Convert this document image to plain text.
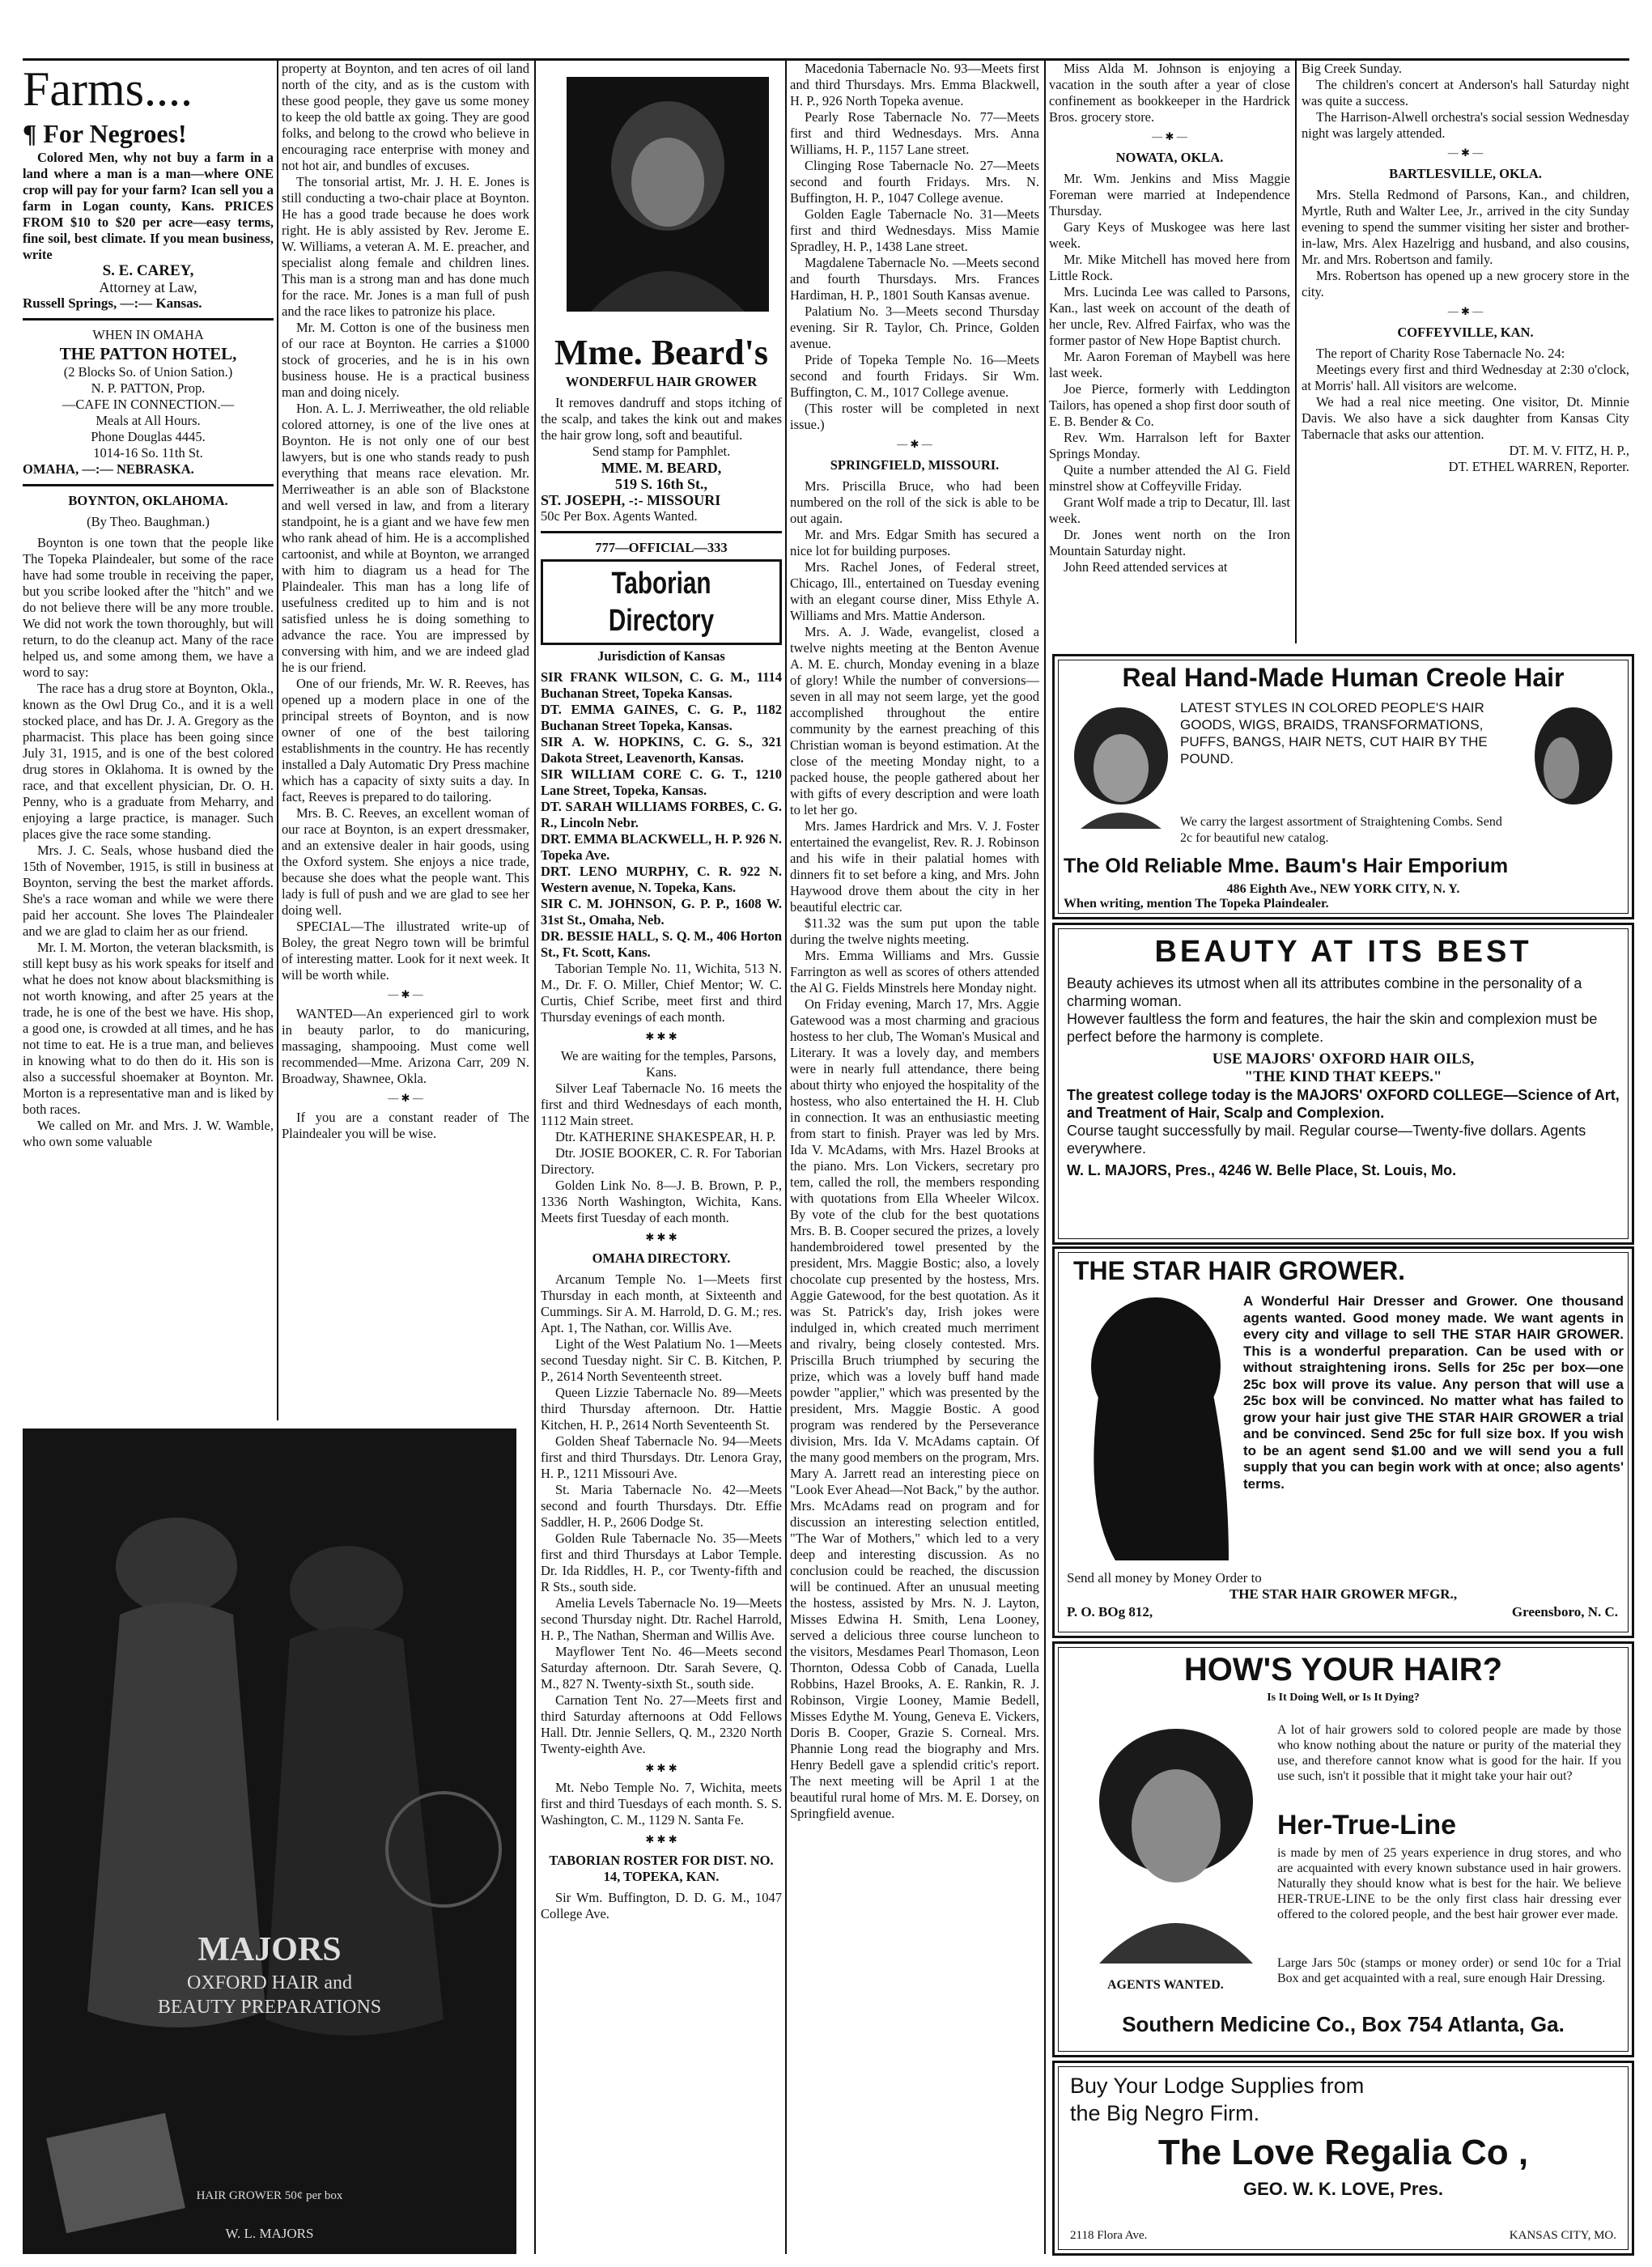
Farms....
¶ For Negroes!

Colored Men, why not buy a farm in a land where a man is a man—where ONE crop will pay for your farm? Ican sell you a farm in Logan county, Kans. PRICES FROM $10 to $20 per acre—easy terms, fine soil, best climate. If you mean business, write

S. E. CAREY,
Attorney at Law,
Russell Springs, —:— Kansas.
WHEN IN OMAHA
THE PATTON HOTEL,
(2 Blocks So. of Union Sation.)
N. P. PATTON, Prop.
—CAFE IN CONNECTION.—
Meals at All Hours.
Phone Douglas 4445.
1014-16 So. 11th St.
OMAHA, —:— NEBRASKA.

BOYNTON, OKLAHOMA.

(By Theo. Baughman.)

Boynton is one town that the people like The Topeka Plaindealer, but some of the race have had some trouble in receiving the paper, but you scribe looked after the "hitch" and we do not believe there will be any more trouble. We did not work the town thoroughly, but will return, to do the cleanup act. Many of the race helped us, and some among them, we have a word to say:

The race has a drug store at Boynton, Okla., known as the Owl Drug Co., and it is a well stocked place, and has Dr. J. A. Gregory as the pharmacist. This place has been going since July 31, 1915, and is one of the best colored drug stores in Oklahoma. It is owned by the race, and that excellent physician, Dr. O. H. Penny, who is a graduate from Meharry, and enjoying a large practice, is manager. Such places give the race some standing.

Mrs. J. C. Seals, whose husband died the 15th of November, 1915, is still in business at Boynton, serving the best the market affords. She's a race woman and while we were there paid her account. She loves The Plaindealer and we are glad to claim her as our friend.

Mr. I. M. Morton, the veteran blacksmith, is still kept busy as his work speaks for itself and what he does not know about blacksmithing is not worth knowing, and after 25 years at the trade, he is one of the best we have. His shop, a good one, is crowded at all times, and he has not time to eat. He is a true man, and believes in knowing what to do then do it. His son is also a successful shoemaker at Boynton. Mr. Morton is a representative man and is liked by both races.

We called on Mr. and Mrs. J. W. Wamble, who own some valuable

property at Boynton, and ten acres of oil land north of the city, and as is the custom with these good people, they gave us some money to keep the old battle ax going. They are good folks, and belong to the crowd who believe in encouraging race enterprise with money and not hot air, and bundles of excuses.

The tonsorial artist, Mr. J. H. E. Jones is still conducting a two-chair place at Boynton. He has a good trade because he does work right. He is ably assisted by Rev. Jerome E. W. Williams, a veteran A. M. E. preacher, and specialist along female and children lines. This man is a strong man and has done much for the race. Mr. Jones is a man full of push and the race likes to patronize his place.

Mr. M. Cotton is one of the business men of our race at Boynton. He carries a $1000 stock of groceries, and he is in his own business house. He is a practical business man and doing nicely.

Hon. A. L. J. Merriweather, the old reliable colored attorney, is one of the live ones at Boynton. He is not only one of our best lawyers, but is one who stands ready to push everything that means race elevation. Mr. Merriweather is an able son of Blackstone and well versed in law, and from a literary standpoint, he is a giant and we have few men who rank ahead of him. He is a accomplished cartoonist, and while at Boynton, we arranged with him to diagram us a head for The Plaindealer. This man has a long life of usefulness credited up to him and is not satisfied unless he is doing something to advance the race. You are impressed by conversing with him, and we are indeed glad he is our friend.

One of our friends, Mr. W. R. Reeves, has opened up a modern place in one of the principal streets of Boynton, and is now owner of one of the best tailoring establishments in the country. He has recently installed a Daly Automatic Dry Press machine which has a capacity of sixty suits a day. In fact, Reeves is prepared to do tailoring.

Mrs. B. C. Reeves, an excellent woman of our race at Boynton, is an expert dressmaker, and an extensive dealer in hair goods, using the Oxford system. She enjoys a nice trade, because she does what the people want. This lady is full of push and we are glad to see her doing well.

SPECIAL—The illustrated write-up of Boley, the great Negro town will be brimful of interesting matter. Look for it next week. It will be worth while.

— ✱ —

WANTED—An experienced girl to work in beauty parlor, to do manicuring, massaging, shampooing. Must come well recommended—Mme. Arizona Carr, 209 N. Broadway, Shawnee, Okla.

— ✱ —

If you are a constant reader of The Plaindealer you will be wise.

MAJORS
OXFORD HAIR and
BEAUTY PREPARATIONS
HAIR GROWER 50¢ per box
W. L. MAJORS
Mme. Beard's
WONDERFUL HAIR GROWER

It removes dandruff and stops itching of the scalp, and takes the kink out and makes the hair grow long, soft and beautiful.

Send stamp for Pamphlet.
MME. M. BEARD,
519 S. 16th St.,
ST. JOSEPH, -:- MISSOURI
50c Per Box. Agents Wanted.
777—OFFICIAL—333
Taborian Directory
Jurisdiction of Kansas

SIR FRANK WILSON, C. G. M., 1114 Buchanan Street, Topeka Kansas.

DT. EMMA GAINES, C. G. P., 1182 Buchanan Street Topeka, Kansas.

SIR A. W. HOPKINS, C. G. S., 321 Dakota Street, Leavenorth, Kansas.

SIR WILLIAM CORE C. G. T., 1210 Lane Street, Topeka, Kansas.

DT. SARAH WILLIAMS FORBES, C. G. R., Lincoln Nebr.

DRT. EMMA BLACKWELL, H. P. 926 N. Topeka Ave.

DRT. LENO MURPHY, C. R. 922 N. Western avenue, N. Topeka, Kans.

SIR C. M. JOHNSON, G. P. P., 1608 W. 31st St., Omaha, Neb.

DR. BESSIE HALL, S. Q. M., 406 Horton St., Ft. Scott, Kans.

Taborian Temple No. 11, Wichita, 513 N. M., Dr. F. O. Miller, Chief Mentor; W. C. Curtis, Chief Scribe, meet first and third Thursday evenings of each month.

✱ ✱ ✱

We are waiting for the temples, Parsons, Kans.

Silver Leaf Tabernacle No. 16 meets the first and third Wednesdays of each month, 1112 Main street.

Dtr. KATHERINE SHAKESPEAR, H. P.

Dtr. JOSIE BOOKER, C. R. For Taborian Directory.

Golden Link No. 8—J. B. Brown, P. P., 1336 North Washington, Wichita, Kans. Meets first Tuesday of each month.

✱ ✱ ✱

OMAHA DIRECTORY.

Arcanum Temple No. 1—Meets first Thursday in each month, at Sixteenth and Cummings. Sir A. M. Harrold, D. G. M.; res. Apt. 1, The Nathan, cor. Willis Ave.

Light of the West Palatium No. 1—Meets second Tuesday night. Sir C. B. Kitchen, P. P., 2614 North Seventeenth street.

Queen Lizzie Tabernacle No. 89—Meets third Thursday afternoon. Dtr. Hattie Kitchen, H. P., 2614 North Seventeenth St.

Golden Sheaf Tabernacle No. 94—Meets first and third Thursdays. Dtr. Lenora Gray, H. P., 1211 Missouri Ave.

St. Maria Tabernacle No. 42—Meets second and fourth Thursdays. Dtr. Effie Saddler, H. P., 2606 Dodge St.

Golden Rule Tabernacle No. 35—Meets first and third Thursdays at Labor Temple. Dr. Ida Riddles, H. P., cor Twenty-fifth and R Sts., south side.

Amelia Levels Tabernacle No. 19—Meets second Thursday night. Dtr. Rachel Harrold, H. P., The Nathan, Sherman and Willis Ave.

Mayflower Tent No. 46—Meets second Saturday afternoon. Dtr. Sarah Severe, Q. M., 827 N. Twenty-sixth St., south side.

Carnation Tent No. 27—Meets first and third Saturday afternoons at Odd Fellows Hall. Dtr. Jennie Sellers, Q. M., 2320 North Twenty-eighth Ave.

✱ ✱ ✱

Mt. Nebo Temple No. 7, Wichita, meets first and third Tuesdays of each month. S. S. Washington, C. M., 1129 N. Santa Fe.

✱ ✱ ✱

TABORIAN ROSTER FOR DIST. NO. 14, TOPEKA, KAN.

Sir Wm. Buffington, D. D. G. M., 1047 College Ave.

Macedonia Tabernacle No. 93—Meets first and third Thursdays. Mrs. Emma Blackwell, H. P., 926 North Topeka avenue.

Pearly Rose Tabernacle No. 77—Meets first and third Wednesdays. Mrs. Anna Williams, H. P., 1157 Lane street.

Clinging Rose Tabernacle No. 27—Meets second and fourth Fridays. Mrs. N. Buffington, H. P., 1047 College avenue.

Golden Eagle Tabernacle No. 31—Meets first and third Wednesdays. Miss Mamie Spradley, H. P., 1438 Lane street.

Magdalene Tabernacle No. —Meets second and fourth Thursdays. Mrs. Frances Hardiman, H. P., 1801 South Kansas avenue.

Palatium No. 3—Meets second Thursday evening. Sir R. Taylor, Ch. Prince, Golden avenue.

Pride of Topeka Temple No. 16—Meets second and fourth Fridays. Sir Wm. Buffington, C. M., 1017 College avenue.

(This roster will be completed in next issue.)

— ✱ —

SPRINGFIELD, MISSOURI.

Mrs. Priscilla Bruce, who had been numbered on the roll of the sick is able to be out again.

Mr. and Mrs. Edgar Smith has secured a nice lot for building purposes.

Mrs. Rachel Jones, of Federal street, Chicago, Ill., entertained on Tuesday evening with an elegant course diner, Miss Ethyle A. Williams and Mrs. Mattie Anderson.

Mrs. A. J. Wade, evangelist, closed a twelve nights meeting at the Benton Avenue A. M. E. church, Monday evening in a blaze of glory! While the number of conversions—seven in all may not seem large, yet the good accomplished throughout the entire community by the earnest preaching of this Christian woman is beyond estimation. At the close of the meeting Monday night, to a packed house, the people gathered about her with gifts of every description and were loath to let her go.

Mrs. James Hardrick and Mrs. V. J. Foster entertained the evangelist, Rev. R. J. Robinson and his wife in their palatial homes with dinners fit to set before a king, and Mrs. John Haywood drove them about the city in her beautiful electric car.

$11.32 was the sum put upon the table during the twelve nights meeting.

Mrs. Emma Williams and Mrs. Gussie Farrington as well as scores of others attended the Al G. Fields Minstrels here Monday night.

On Friday evening, March 17, Mrs. Aggie Gatewood was a most charming and gracious hostess to her club, The Woman's Musical and Literary. It was a lovely day, and members were in nearly full attendance, there being about thirty who enjoyed the hospitality of the hostess, who also entertained the H. H. Club in connection. It was an enthusiastic meeting from start to finish. Prayer was led by Mrs. Ida V. McAdams, with Mrs. Hazel Brooks at the piano. Mrs. Lon Vickers, secretary pro tem, called the roll, the members responding with quotations from Ella Wheeler Wilcox. By vote of the club for the best quotations Mrs. B. B. Cooper secured the prizes, a lovely handembroidered towel presented by the president, Mrs. Maggie Bostic; also, a lovely chocolate cup presented by the hostess, Mrs. Aggie Gatewood, for the best quotation. As it was St. Patrick's day, Irish jokes were indulged in, which created much merriment and rivalry, being closely contested. Mrs. Priscilla Bruch triumphed by securing the prize, which was a lovely buff hand made powder "applier," which was presented by the president, Mrs. Maggie Bostic. A good program was rendered by the Perseverance division, Mrs. Ida V. McAdams captain. Of the many good members on the program, Mrs. Mary A. Jarrett read an interesting piece on "Look Ever Ahead—Not Back," by the author. Mrs. McAdams read on program and for discussion an interesting selection entitled, "The War of Mothers," which led to a very deep and interesting discussion. As no conclusion could be reached, the discussion will be continued. After an unusual meeting the hostess, assisted by Mrs. N. J. Layton, Misses Edwina H. Smith, Lena Looney, served a delicious three course luncheon to the visitors, Mesdames Pearl Thomason, Leon Thornton, Odessa Cobb of Canada, Luella Robbins, Hazel Brooks, A. E. Rankin, R. J. Robinson, Virgie Looney, Mamie Bedell, Misses Edythe M. Young, Geneva E. Vickers, Doris B. Cooper, Grazie S. Corneal. Mrs. Phannie Long read the biography and Mrs. Henry Bedell gave a splendid critic's report. The next meeting will be April 1 at the beautiful rural home of Mrs. M. E. Dorsey, on Springfield avenue.

Miss Alda M. Johnson is enjoying a vacation in the south after a year of close confinement as bookkeeper in the Hardrick Bros. grocery store.

— ✱ —

NOWATA, OKLA.

Mr. Wm. Jenkins and Miss Maggie Foreman were married at Independence Thursday.

Gary Keys of Muskogee was here last week.

Mr. Mike Mitchell has moved here from Little Rock.

Mrs. Lucinda Lee was called to Parsons, Kan., last week on account of the death of her uncle, Rev. Alfred Fairfax, who was the former pastor of New Hope Baptist church.

Mr. Aaron Foreman of Maybell was here last week.

Joe Pierce, formerly with Leddington Tailors, has opened a shop first door south of E. B. Bender & Co.

Rev. Wm. Harralson left for Baxter Springs Monday.

Quite a number attended the Al G. Field minstrel show at Coffeyville Friday.

Grant Wolf made a trip to Decatur, Ill. last week.

Dr. Jones went north on the Iron Mountain Saturday night.

John Reed attended services at

Big Creek Sunday.

The children's concert at Anderson's hall Saturday night was quite a success.

The Harrison-Alwell orchestra's social session Wednesday night was largely attended.

— ✱ —

BARTLESVILLE, OKLA.

Mrs. Stella Redmond of Parsons, Kan., and children, Myrtle, Ruth and Walter Lee, Jr., arrived in the city Sunday evening to spend the summer visiting her sister and brother-in-law, Mrs. Alex Hazelrigg and husband, and also cousins, Mr. and Mrs. Robertson and family.

Mrs. Robertson has opened up a new grocery store in the city.

— ✱ —

COFFEYVILLE, KAN.

The report of Charity Rose Tabernacle No. 24:

Meetings every first and third Wednesday at 2:30 o'clock, at Morris' hall. All visitors are welcome.

We had a real nice meeting. One visitor, Dt. Minnie Davis. We also have a sick daughter from Kansas City Tabernacle that asks our attention.

DT. M. V. FITZ, H. P.,
DT. ETHEL WARREN, Reporter.
Real Hand-Made Human Creole Hair
LATEST STYLES IN COLORED PEOPLE'S HAIR GOODS, WIGS, BRAIDS, TRANSFORMATIONS, PUFFS, BANGS, HAIR NETS, CUT HAIR BY THE POUND.
We carry the largest assortment of Straightening Combs. Send 2c for beautiful new catalog.
The Old Reliable Mme. Baum's Hair Emporium
486 Eighth Ave., NEW YORK CITY, N. Y.
When writing, mention The Topeka Plaindealer.
BEAUTY AT ITS BEST
Beauty achieves its utmost when all its attributes combine in the personality of a charming woman.
However faultless the form and features, the hair the skin and complexion must be perfect before the harmony is complete.
USE MAJORS' OXFORD HAIR OILS,
"THE KIND THAT KEEPS."
The greatest college today is the MAJORS' OXFORD COLLEGE—Science of Art, and Treatment of Hair, Scalp and Complexion.
Course taught successfully by mail. Regular course—Twenty-five dollars. Agents everywhere.
W. L. MAJORS, Pres., 4246 W. Belle Place, St. Louis, Mo.
THE STAR HAIR GROWER.
A Wonderful Hair Dresser and Grower. One thousand agents wanted. Good money made. We want agents in every city and village to sell THE STAR HAIR GROWER. This is a wonderful preparation. Can be used with or without straightening irons. Sells for 25c per box—one 25c box will prove its value. Any person that will use a 25c box will be convinced. No matter what has failed to grow your hair just give THE STAR HAIR GROWER a trial and be convinced. Send 25c for full size box. If you wish to be an agent send $1.00 and we will send you a full supply that you can begin work with at once; also agents' terms.
Send all money by Money Order to
THE STAR HAIR GROWER MFGR.,
P. O. BOg 812,	Greensboro, N. C.
HOW'S YOUR HAIR?
Is It Doing Well, or Is It Dying?
A lot of hair growers sold to colored people are made by those who know nothing about the nature or purity of the material they use, and therefore cannot know what is good for the hair. If you use such, isn't it possible that it might take your hair out?
Her-True-Line
is made by men of 25 years experience in drug stores, and who are acquainted with every known substance used in hair growers. Naturally they should know what is best for the hair. We believe HER-TRUE-LINE to be the only first class hair dressing ever offered to the colored people, and the best hair grower ever made.
Large Jars 50c (stamps or money order) or send 10c for a Trial Box and get acquainted with a real, sure enough Hair Dressing.
AGENTS WANTED.
Southern Medicine Co., Box 754 Atlanta, Ga.
Buy Your Lodge Supplies from
the Big Negro Firm.
The Love Regalia Co ,
GEO. W. K. LOVE, Pres.
2118 Flora Ave.	KANSAS CITY, MO.
